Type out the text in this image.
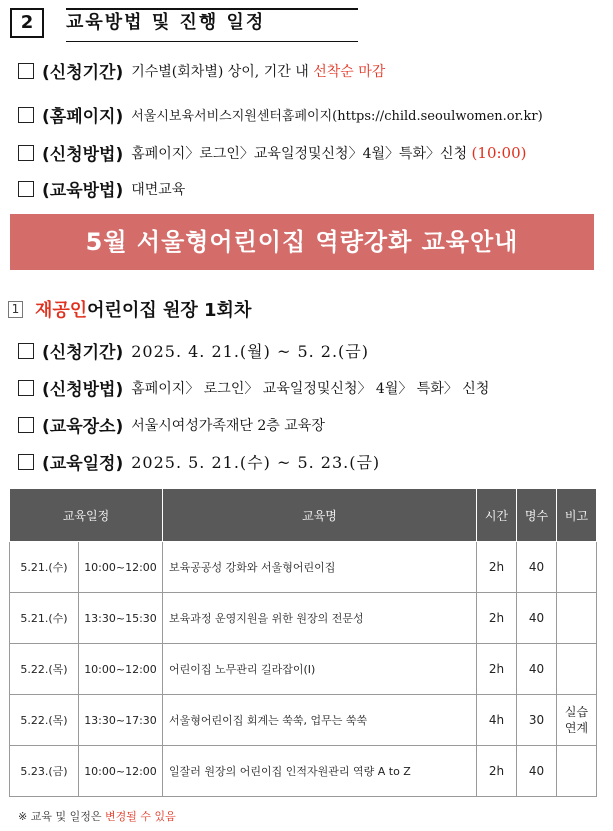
2	교육방법 및 진행 일정
(신청기간) 기수별(회차별) 상이, 기간 내 선착순 마감
(홈페이지) 서울시보육서비스지원센터홈페이지(https://child.seoulwomen.or.kr)
(신청방법) 홈페이지〉로그인〉교육일정및신청〉4월〉특화〉신청 (10:00)
(교육방법) 대면교육
5월 서울형어린이집 역량강화 교육안내
1 재공인어린이집 원장 1회차
(신청기간) 2025. 4. 21.(월) ~ 5. 2.(금)
(신청방법) 홈페이지〉 로그인〉 교육일정및신청〉 4월〉 특화〉 신청
(교육장소) 서울시여성가족재단 2층 교육장
(교육일정) 2025. 5. 21.(수) ~ 5. 23.(금)
교육일정		교육명	시간	명수	비고
5.21.(수)	10:00~12:00	보육공공성 강화와 서울형어린이집	2h	40	
5.21.(수)	13:30~15:30	보육과정 운영지원을 위한 원장의 전문성	2h	40	
5.22.(목)	10:00~12:00	어린이집 노무관리 길라잡이(Ⅰ)	2h	40	
5.22.(목)	13:30~17:30	서울형어린이집 회계는 쑥쑥, 업무는 쑥쑥	4h	30	실습
연계
5.23.(금)	10:00~12:00	일잘러 원장의 어린이집 인적자원관리 역량 A to Z	2h	40	
※ 교육 및 일정은 변경될 수 있음
